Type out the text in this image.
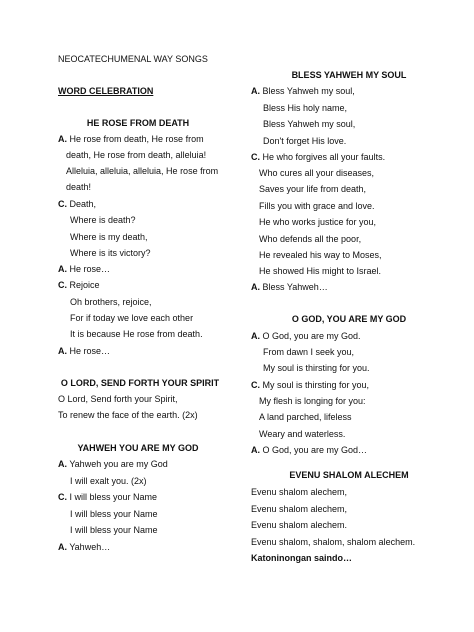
NEOCATECHUMENAL WAY SONGS

WORD CELEBRATION

HE ROSE FROM DEATH

A. He rose from death, He rose from

death, He rose from death, alleluia!

Alleluia, alleluia, alleluia, He rose from

death!

C. Death,

Where is death?

Where is my death,

Where is its victory?

A. He rose…

C. Rejoice

Oh brothers, rejoice,

For if today we love each other

It is because He rose from death.

A. He rose…

O LORD, SEND FORTH YOUR SPIRIT

O Lord, Send forth your Spirit,

To renew the face of the earth. (2x)

YAHWEH YOU ARE MY GOD

A. Yahweh you are my God

I will exalt you. (2x)

C. I will bless your Name

I will bless your Name

I will bless your Name

A. Yahweh…

BLESS YAHWEH MY SOUL

A. Bless Yahweh my soul,

Bless His holy name,

Bless Yahweh my soul,

Don't forget His love.

C. He who forgives all your faults.

Who cures all your diseases,

Saves your life from death,

Fills you with grace and love.

He who works justice for you,

Who defends all the poor,

He revealed his way to Moses,

He showed His might to Israel.

A. Bless Yahweh…

O GOD, YOU ARE MY GOD

A. O God, you are my God.

From dawn I seek you,

My soul is thirsting for you.

C. My soul is thirsting for you,

My flesh is longing for you:

A land parched, lifeless

Weary and waterless.

A. O God, you are my God…

EVENU SHALOM ALECHEM

Evenu shalom alechem,

Evenu shalom alechem,

Evenu shalom alechem.

Evenu shalom, shalom, shalom alechem.

Katoninongan saindo…
